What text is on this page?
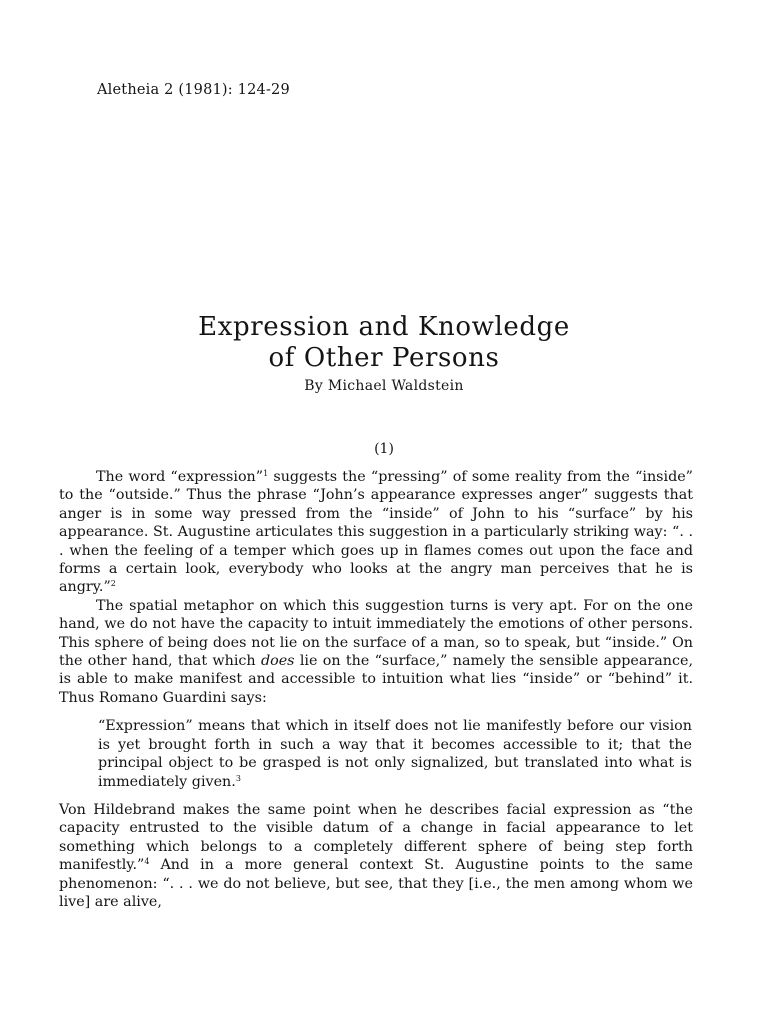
Aletheia 2 (1981): 124-29
Expression and Knowledge
of Other Persons
By Michael Waldstein
(1)

The word “expression”$^1$ suggests the “pressing” of some reality from the “inside” to the “outside.” Thus the phrase “John’s appearance expresses anger” suggests that anger is in some way pressed from the “inside” of John to his “surface” by his appearance. St. Augustine articulates this suggestion in a particularly striking way: “. . . when the feeling of a temper which goes up in flames comes out upon the face and forms a certain look, everybody who looks at the angry man perceives that he is angry.”$^2$

The spatial metaphor on which this suggestion turns is very apt. For on the one hand, we do not have the capacity to intuit immediately the emotions of other persons. This sphere of being does not lie on the surface of a man, so to speak, but “inside.” On the other hand, that which does lie on the “surface,” namely the sensible appearance, is able to make manifest and accessible to intuition what lies “inside” or “behind” it. Thus Romano Guardini says:

“Expression” means that which in itself does not lie manifestly before our vision is yet brought forth in such a way that it becomes accessible to it; that the principal object to be grasped is not only signalized, but translated into what is immediately given.$^3$

Von Hildebrand makes the same point when he describes facial expression as “the capacity entrusted to the visible datum of a change in facial appearance to let something which belongs to a completely different sphere of being step forth manifestly.”$^4$ And in a more general context St. Augustine points to the same phenomenon: “. . . we do not believe, but see, that they [i.e., the men among whom we live] are alive,
